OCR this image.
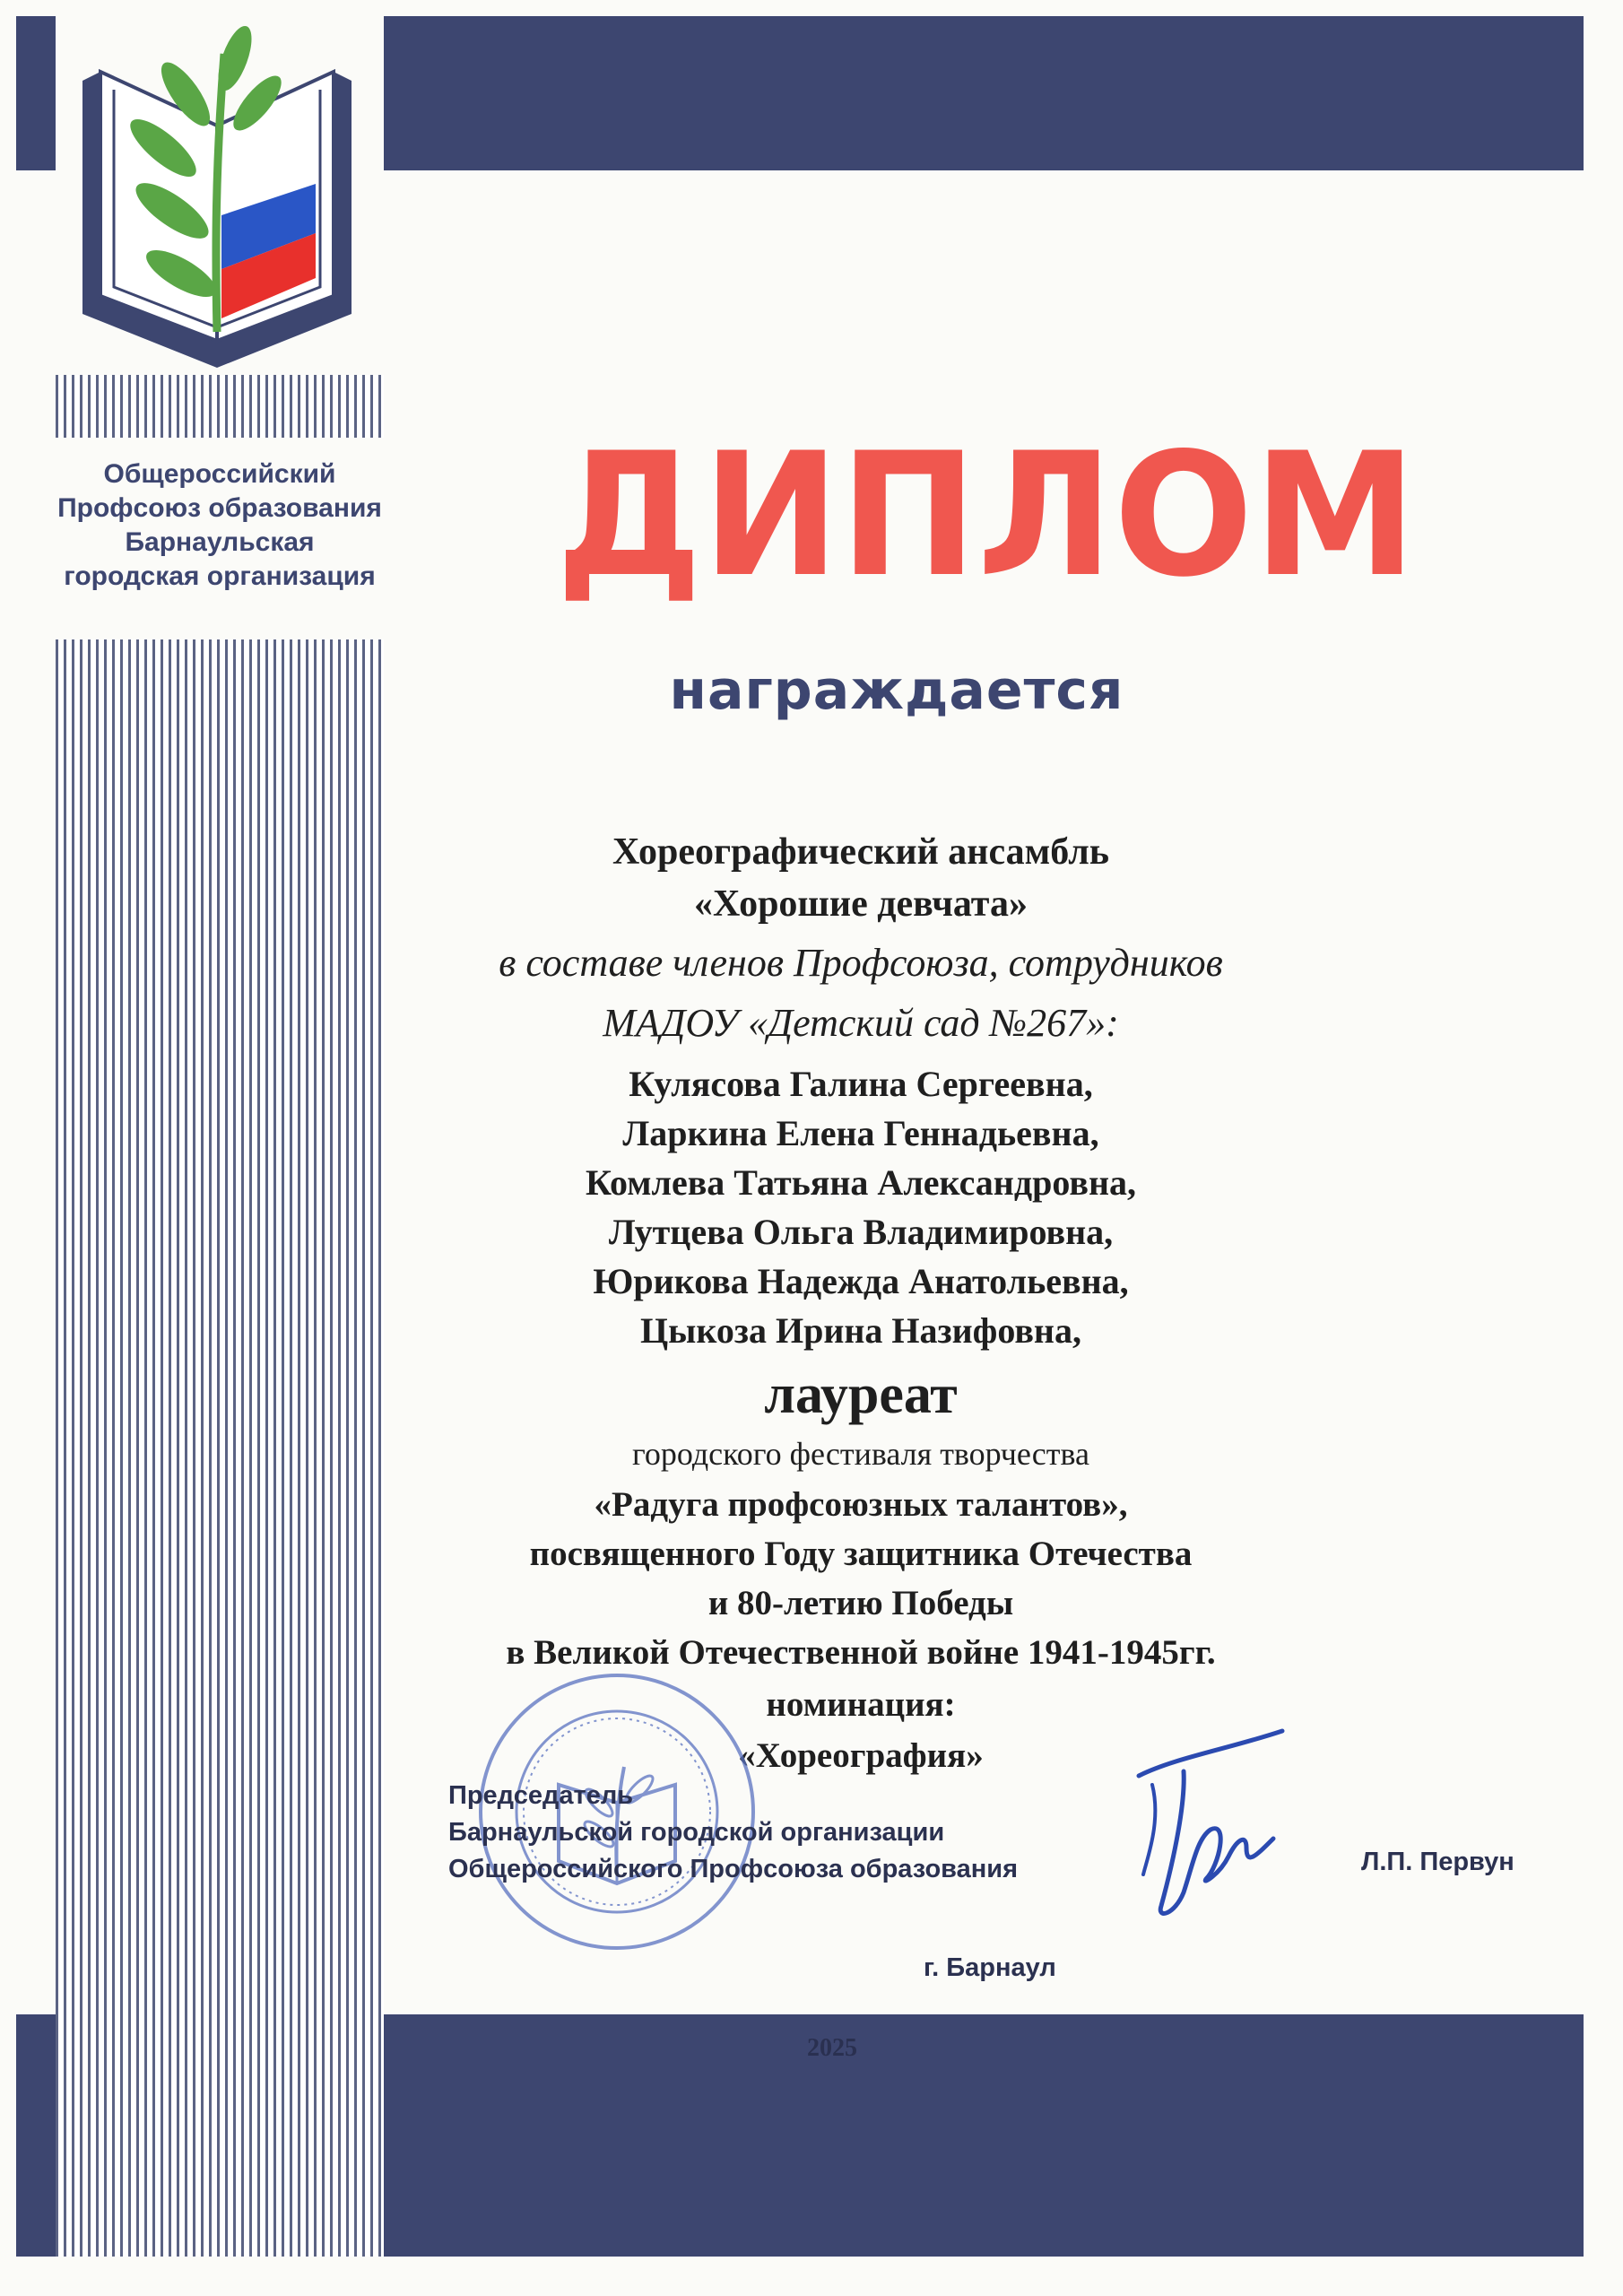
Общероссийский
Профсоюз образования
Барнаульская
городская организация ДИПЛОМ
награждается
Хореографический ансамбль
«Хорошие девчата»
в составе членов Профсоюза, сотрудников
МАДОУ «Детский сад №267»:
Кулясова Галина Сергеевна,
Ларкина Елена Геннадьевна,
Комлева Татьяна Александровна,
Лутцева Ольга Владимировна,
Юрикова Надежда Анатольевна,
Цыкоза Ирина Назифовна,
лауреат
городского фестиваля творчества
«Радуга профсоюзных талантов»,
посвященного Году защитника Отечества
и 80-летию Победы
в Великой Отечественной войне 1941-1945гг.
номинация:
«Хореография»
Председатель
Барнаульской городской организации
Общероссийского Профсоюза образования	Л.П. Первун
г. Барнаул
2025
